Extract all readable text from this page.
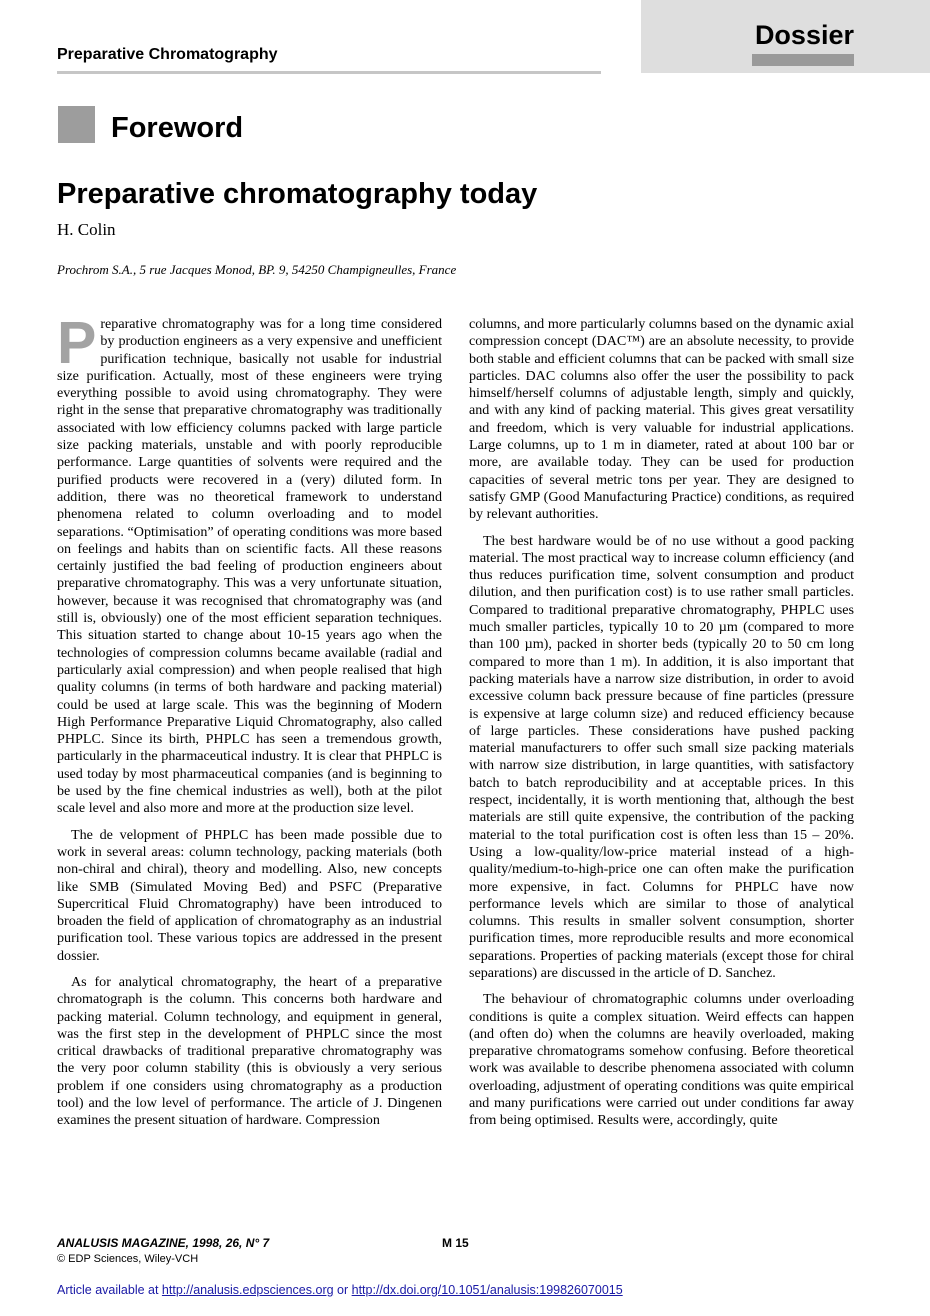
Dossier
Preparative Chromatography
Foreword
Preparative chromatography today
H. Colin
Prochrom S.A., 5 rue Jacques Monod, BP. 9, 54250 Champigneulles, France

Preparative chromatography was for a long time considered by production engineers as a very expensive and unefficient purification technique, basically not usable for industrial size purification. Actually, most of these engineers were trying everything possible to avoid using chromatography. They were right in the sense that preparative chromatography was traditionally associated with low efficiency columns packed with large particle size packing materials, unstable and with poorly reproducible performance. Large quantities of solvents were required and the purified products were recovered in a (very) diluted form. In addition, there was no theoretical framework to understand phenomena related to column overloading and to model separations. “Optimisation” of operating conditions was more based on feelings and habits than on scientific facts. All these reasons certainly justified the bad feeling of production engineers about preparative chromatography. This was a very unfortunate situation, however, because it was recognised that chromatography was (and still is, obviously) one of the most efficient separation techniques. This situation started to change about 10-15 years ago when the technologies of compression columns became available (radial and particularly axial compression) and when people realised that high quality columns (in terms of both hardware and packing material) could be used at large scale. This was the beginning of Modern High Performance Preparative Liquid Chromatography, also called PHPLC. Since its birth, PHPLC has seen a tremendous growth, particularly in the pharmaceutical industry. It is clear that PHPLC is used today by most pharmaceutical companies (and is beginning to be used by the fine chemical industries as well), both at the pilot scale level and also more and more at the production size level.

The de velopment of PHPLC has been made possible due to work in several areas: column technology, packing materials (both non-chiral and chiral), theory and modelling. Also, new concepts like SMB (Simulated Moving Bed) and PSFC (Preparative Supercritical Fluid Chromatography) have been introduced to broaden the field of application of chromatography as an industrial purification tool. These various topics are addressed in the present dossier.

As for analytical chromatography, the heart of a preparative chromatograph is the column. This concerns both hardware and packing material. Column technology, and equipment in general, was the first step in the development of PHPLC since the most critical drawbacks of traditional preparative chromatography was the very poor column stability (this is obviously a very serious problem if one considers using chromatography as a production tool) and the low level of performance. The article of J. Dingenen examines the present situation of hardware. Compression

columns, and more particularly columns based on the dynamic axial compression concept (DAC™) are an absolute necessity, to provide both stable and efficient columns that can be packed with small size particles. DAC columns also offer the user the possibility to pack himself/herself columns of adjustable length, simply and quickly, and with any kind of packing material. This gives great versatility and freedom, which is very valuable for industrial applications. Large columns, up to 1 m in diameter, rated at about 100 bar or more, are available today. They can be used for production capacities of several metric tons per year. They are designed to satisfy GMP (Good Manufacturing Practice) conditions, as required by relevant authorities.

The best hardware would be of no use without a good packing material. The most practical way to increase column efficiency (and thus reduces purification time, solvent consumption and product dilution, and then purification cost) is to use rather small particles. Compared to traditional preparative chromatography, PHPLC uses much smaller particles, typically 10 to 20 µm (compared to more than 100 µm), packed in shorter beds (typically 20 to 50 cm long compared to more than 1 m). In addition, it is also important that packing materials have a narrow size distribution, in order to avoid excessive column back pressure because of fine particles (pressure is expensive at large column size) and reduced efficiency because of large particles. These considerations have pushed packing material manufacturers to offer such small size packing materials with narrow size distribution, in large quantities, with satisfactory batch to batch reproducibility and at acceptable prices. In this respect, incidentally, it is worth mentioning that, although the best materials are still quite expensive, the contribution of the packing material to the total purification cost is often less than 15 – 20%. Using a low-quality/low-price material instead of a high-quality/medium-to-high-price one can often make the purification more expensive, in fact. Columns for PHPLC have now performance levels which are similar to those of analytical columns. This results in smaller solvent consumption, shorter purification times, more reproducible results and more economical separations. Properties of packing materials (except those for chiral separations) are discussed in the article of D. Sanchez.

The behaviour of chromatographic columns under overloading conditions is quite a complex situation. Weird effects can happen (and often do) when the columns are heavily overloaded, making preparative chromatograms somehow confusing. Before theoretical work was available to describe phenomena associated with column overloading, adjustment of operating conditions was quite empirical and many purifications were carried out under conditions far away from being optimised. Results were, accordingly, quite

ANALUSIS MAGAZINE, 1998, 26, N° 7	M 15
© EDP Sciences, Wiley-VCH
Article available at http://analusis.edpsciences.org or http://dx.doi.org/10.1051/analusis:199826070015
